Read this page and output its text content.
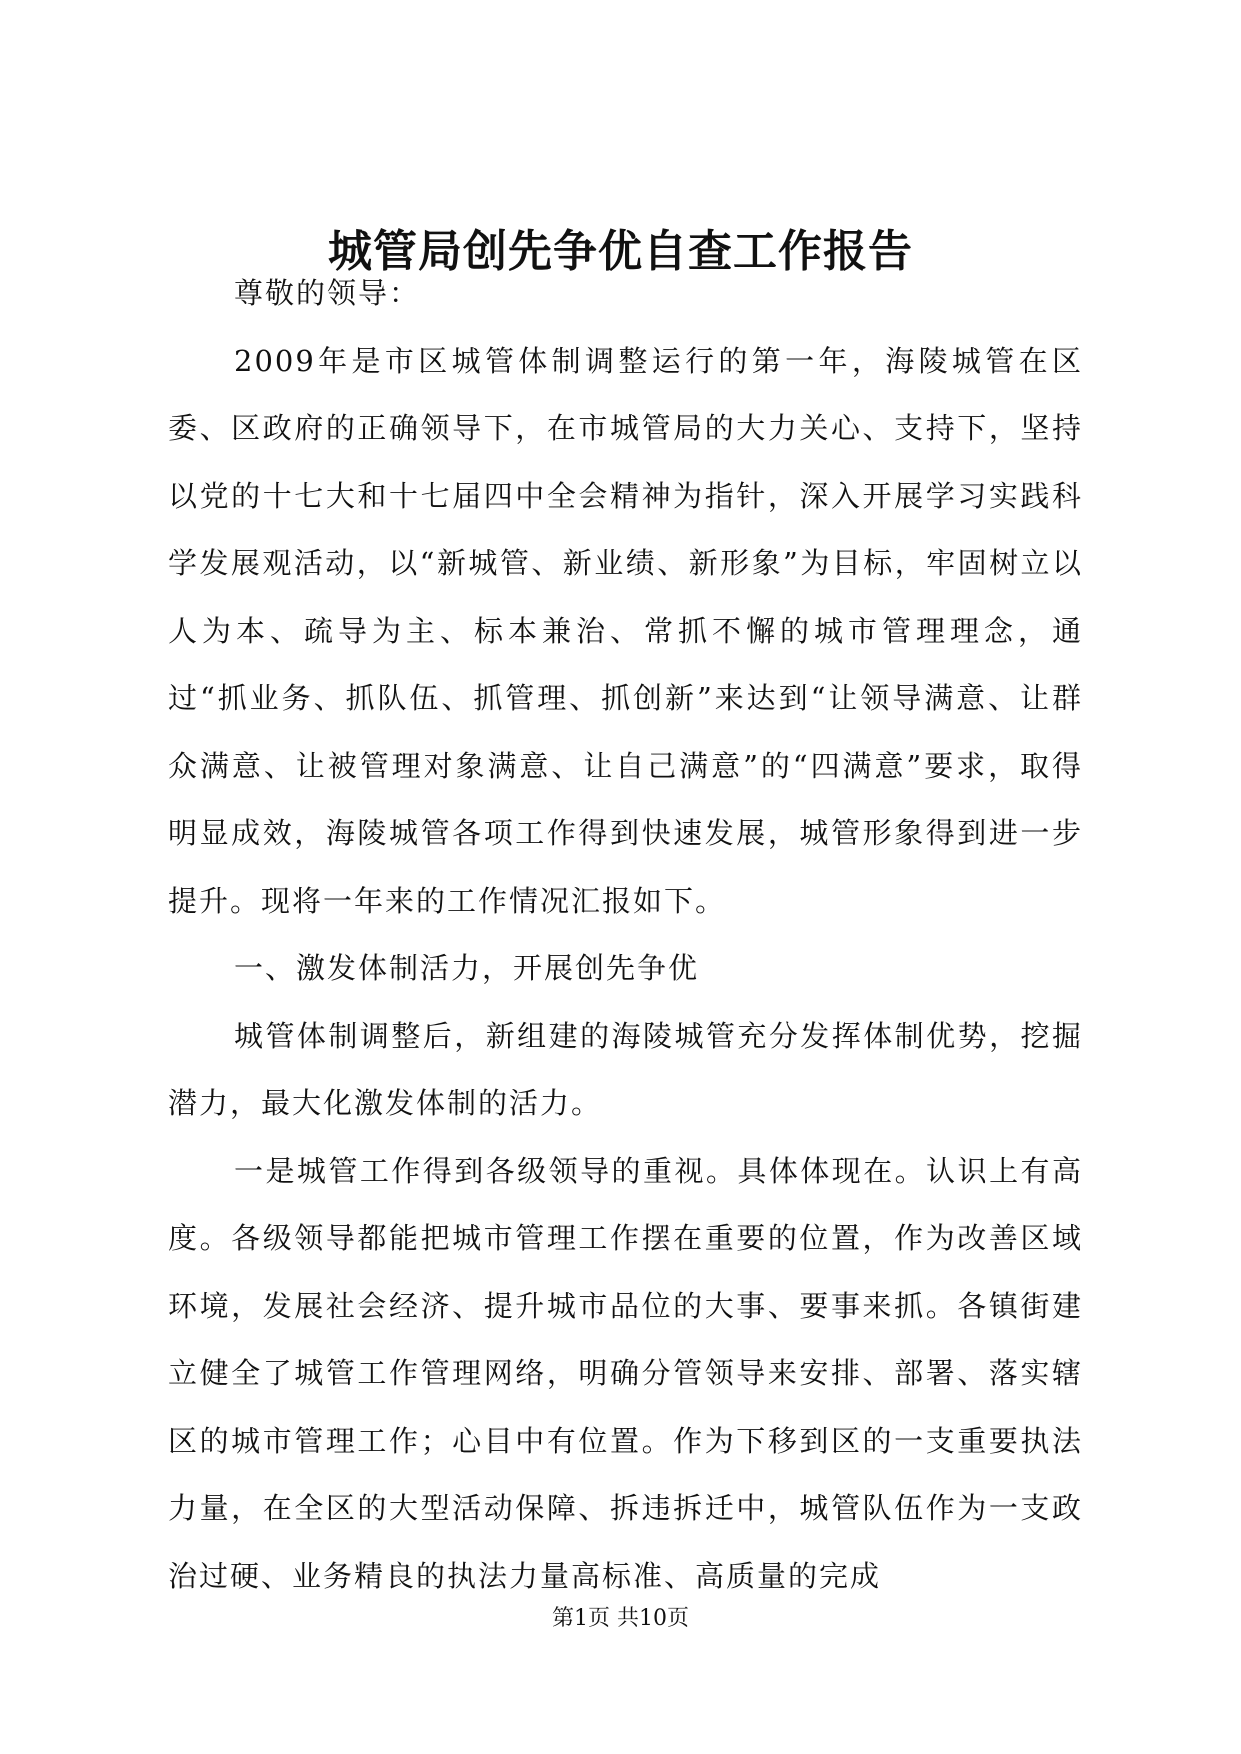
城管局创先争优自查工作报告

尊敬的领导：

2009年是市区城管体制调整运行的第一年，海陵城管在区委、区政府的正确领导下，在市城管局的大力关心、支持下，坚持以党的十七大和十七届四中全会精神为指针，深入开展学习实践科学发展观活动，以“新城管、新业绩、新形象”为目标，牢固树立以人为本、疏导为主、标本兼治、常抓不懈的城市管理理念，通过“抓业务、抓队伍、抓管理、抓创新”来达到“让领导满意、让群众满意、让被管理对象满意、让自己满意”的“四满意”要求，取得明显成效，海陵城管各项工作得到快速发展，城管形象得到进一步提升。现将一年来的工作情况汇报如下。

一、激发体制活力，开展创先争优

城管体制调整后，新组建的海陵城管充分发挥体制优势，挖掘潜力，最大化激发体制的活力。

一是城管工作得到各级领导的重视。具体体现在。认识上有高度。各级领导都能把城市管理工作摆在重要的位置，作为改善区域环境，发展社会经济、提升城市品位的大事、要事来抓。各镇街建立健全了城管工作管理网络，明确分管领导来安排、部署、落实辖区的城市管理工作；心目中有位置。作为下移到区的一支重要执法力量，在全区的大型活动保障、拆违拆迁中，城管队伍作为一支政治过硬、业务精良的执法力量高标准、高质量的完成

第1页 共10页
